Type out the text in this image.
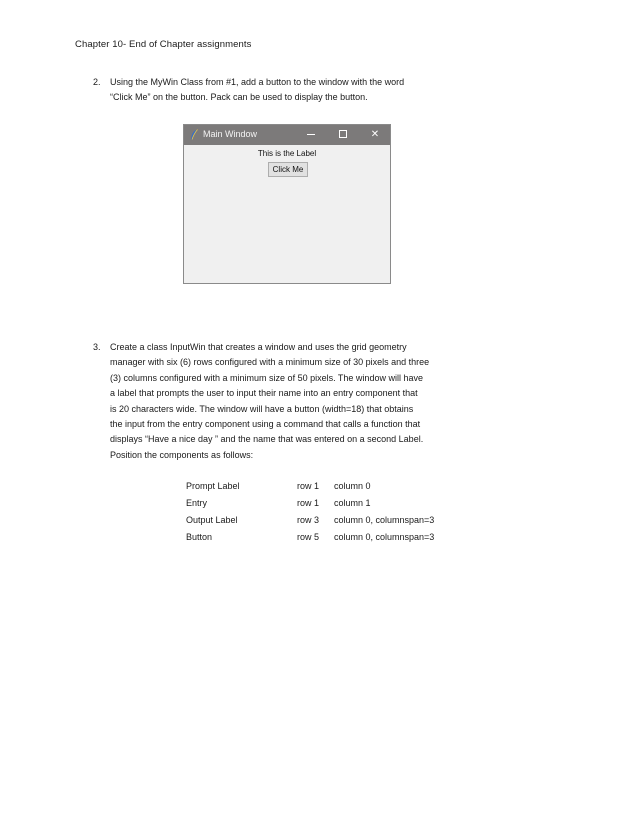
Chapter 10- End of Chapter assignments
2. Using the MyWin Class from #1, add a button to the window with the word
“Click Me” on the button. Pack can be used to display the button.
Main Window	✕
This is the Label
Click Me
3. Create a class InputWin that creates a window and uses the grid geometry
manager with six (6) rows configured with a minimum size of 30 pixels and three
(3) columns configured with a minimum size of 50 pixels. The window will have
a label that prompts the user to input their name into an entry component that
is 20 characters wide. The window will have a button (width=18) that obtains
the input from the entry component using a command that calls a function that
displays “Have a nice day ” and the name that was entered on a second Label.
Position the components as follows:
Prompt Label	row 1 column 0
Entry	row 1 column 1
Output Label	row 3 column 0, columnspan=3
Button	row 5 column 0, columnspan=3
